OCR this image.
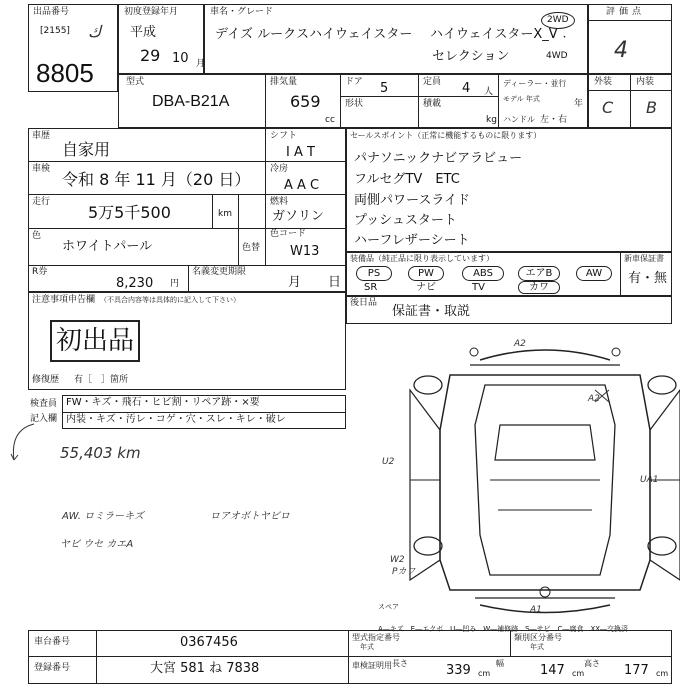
出品番号
[2155] ك
8805
初度登録年月
平成
29 10 月
車名・グレード
デイズ ルークスハイウェイスター ハイウェイスターX_V
セレクション
2WD
・
4WD
評価点
4
型式
DBA-B21A
排気量
659
cc
ドア 5
形状
定員 4 人
積載
kg
ディーラー・並行
モデル 年式	年
ハンドル 左・右
外装	内装
C B
車歴
自家用
車検
令和 8 年 11 月（20 日）
走行
5万5千500	km
シフト
I A T
冷房
A A C
燃料
ガソリン
色
ホワイトパール	色替
色コード
W13
R券
8,230 円
名義変更期限
月 日
セールスポイント（正常に機能するものに限ります）
パナソニックナビアラビュー
フルセグTV　ETC
両側パワースライド
プッシュスタート
ハーフレザーシート
装備品（純正品に限り表示しています）	新車保証書
PS	PW	ABS	エアB	AW
SR	ナビ	TV	カワ
有・無
注意事項申告欄 （不具合内容等は具体的に記入して下さい）
初出品
修復歴 有［　］箇所
後日品
保証書・取説
検査員
記入欄
FW・キズ・飛石・ヒビ割・リペア跡・×要
内装・キズ・汚レ・コゲ・穴・スレ・キレ・破レ
55,403 km
AW. ロミラーキズ
ヤビ ウセ カエA
ロアオボトヤビロ
A2
A2
U2
UA1
A1
W2
Pカワ
スペア
A―キズ　E―エクボ　U―凹み　W―補修跡　S―サビ　C―腐食　XX―交換済
車台番号	0367456
登録番号	大宮 581 ね 7838
型式指定番号
年式
類別区分番号
年式
車検証明用 長さ	339 cm
幅	147 cm
高さ 177 cm
